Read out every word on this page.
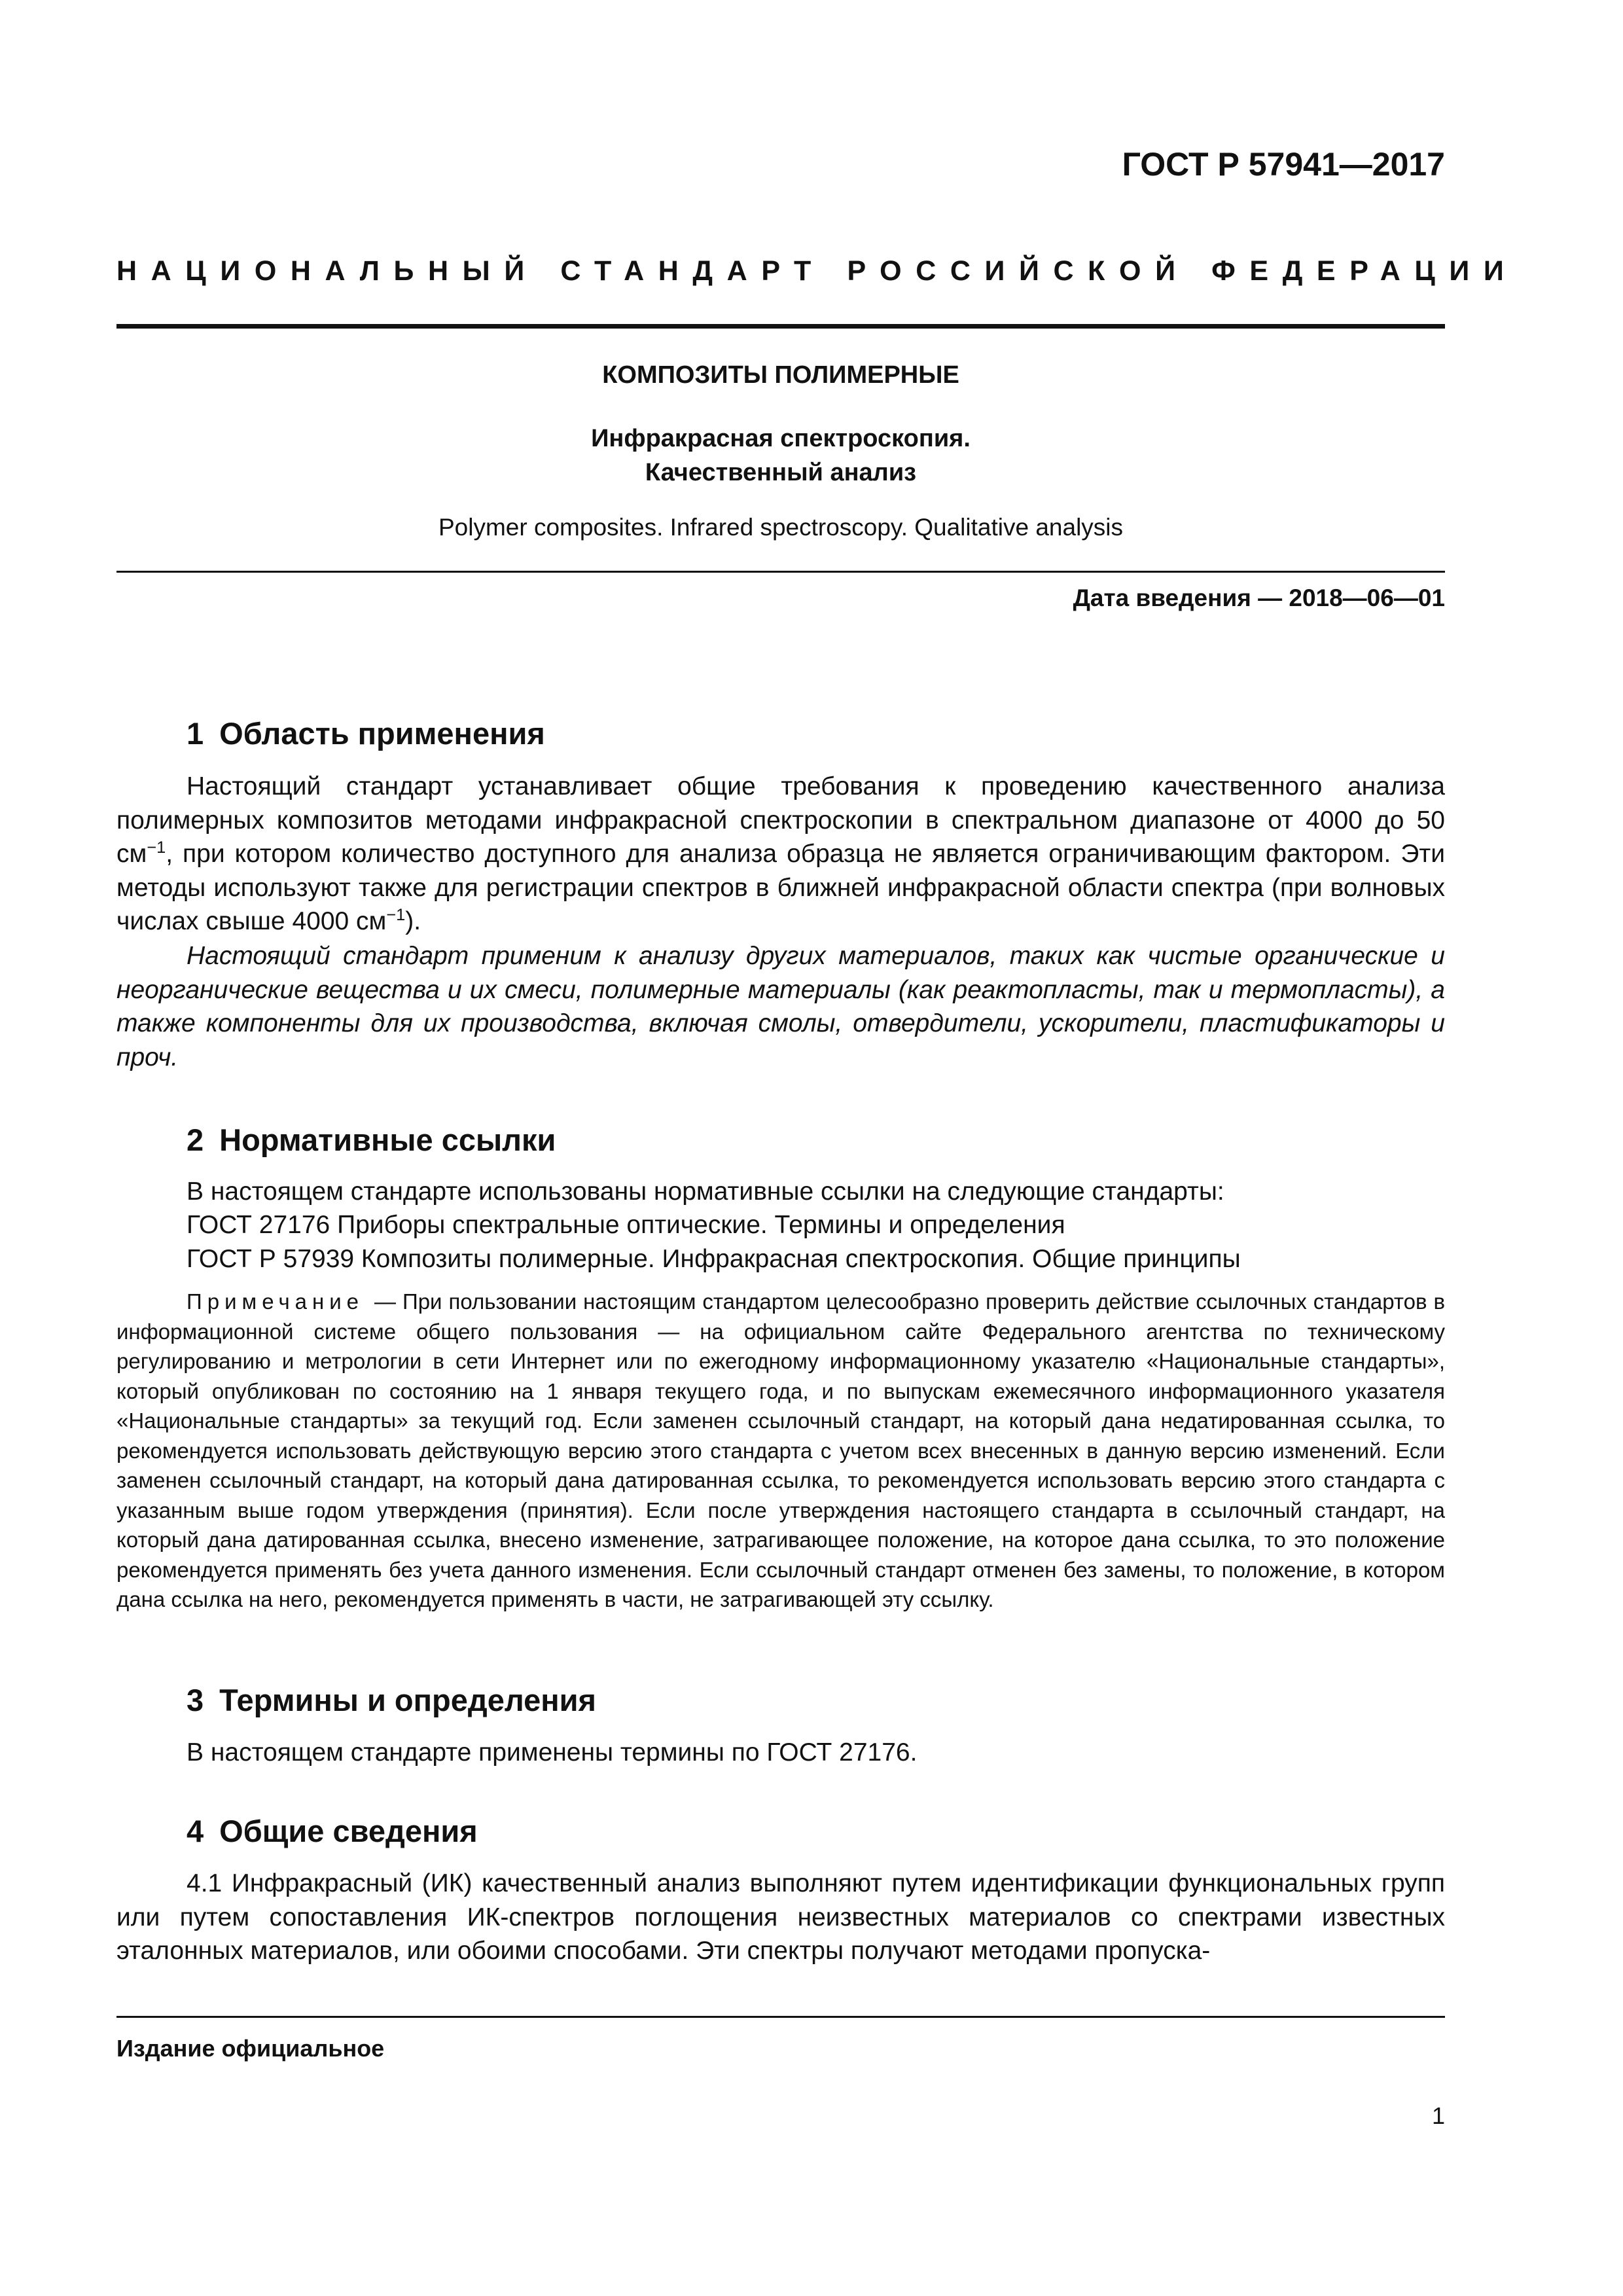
ГОСТ Р 57941—2017
НАЦИОНАЛЬНЫЙ СТАНДАРТ РОССИЙСКОЙ ФЕДЕРАЦИИ
КОМПОЗИТЫ ПОЛИМЕРНЫЕ
Инфракрасная спектроскопия.
Качественный анализ
Polymer composites. Infrared spectroscopy. Qualitative analysis
Дата введения — 2018—06—01
1 Область применения
Настоящий стандарт устанавливает общие требования к проведению качественного анализа полимерных композитов методами инфракрасной спектроскопии в спектральном диапазоне от 4000 до 50 $см^{-1}$, при котором количество доступного для анализа образца не является ограничивающим фактором. Эти методы используют также для регистрации спектров в ближней инфракрасной области спектра (при волновых числах свыше 4000 $см^{-1}$).
Настоящий стандарт применим к анализу других материалов, таких как чистые органические и неорганические вещества и их смеси, полимерные материалы (как реактопласты, так и термопласты), а также компоненты для их производства, включая смолы, отвердители, ускорители, пластификаторы и проч.
2 Нормативные ссылки
В настоящем стандарте использованы нормативные ссылки на следующие стандарты:
ГОСТ 27176 Приборы спектральные оптические. Термины и определения
ГОСТ Р 57939 Композиты полимерные. Инфракрасная спектроскопия. Общие принципы
Примечание — При пользовании настоящим стандартом целесообразно проверить действие ссылочных стандартов в информационной системе общего пользования — на официальном сайте Федерального агентства по техническому регулированию и метрологии в сети Интернет или по ежегодному информационному указателю «Национальные стандарты», который опубликован по состоянию на 1 января текущего года, и по выпускам ежемесячного информационного указателя «Национальные стандарты» за текущий год. Если заменен ссылочный стандарт, на который дана недатированная ссылка, то рекомендуется использовать действующую версию этого стандарта с учетом всех внесенных в данную версию изменений. Если заменен ссылочный стандарт, на который дана датированная ссылка, то рекомендуется использовать версию этого стандарта с указанным выше годом утверждения (принятия). Если после утверждения настоящего стандарта в ссылочный стандарт, на который дана датированная ссылка, внесено изменение, затрагивающее положение, на которое дана ссылка, то это положение рекомендуется применять без учета данного изменения. Если ссылочный стандарт отменен без замены, то положение, в котором дана ссылка на него, рекомендуется применять в части, не затрагивающей эту ссылку.
3 Термины и определения
В настоящем стандарте применены термины по ГОСТ 27176.
4 Общие сведения
4.1 Инфракрасный (ИК) качественный анализ выполняют путем идентификации функциональных групп или путем сопоставления ИК-спектров поглощения неизвестных материалов со спектрами известных эталонных материалов, или обоими способами. Эти спектры получают методами пропуска-
Издание официальное
1
